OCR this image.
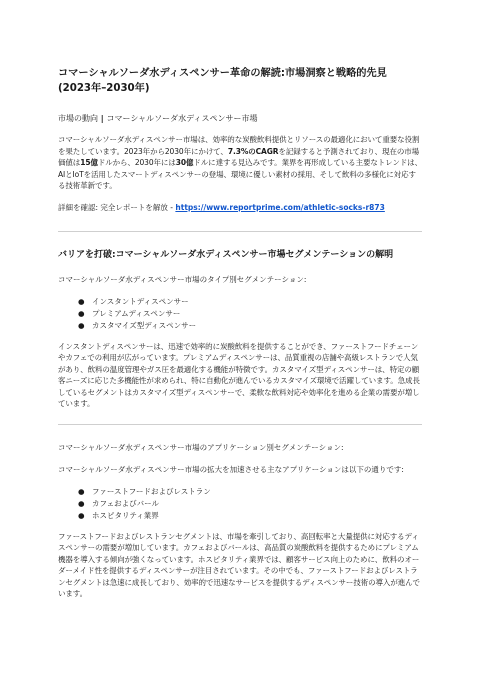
コマーシャルソーダ水ディスペンサー革命の解読:市場洞察と戦略的先見 (2023年–2030年)
市場の動向 | コマーシャルソーダ水ディスペンサー市場

コマーシャルソーダ水ディスペンサー市場は、効率的な炭酸飲料提供とリソースの最適化において重要な役割を果たしています。2023年から2030年にかけて、7.3%のCAGRを記録すると予測されており、現在の市場価値は15億ドルから、2030年には30億ドルに達する見込みです。業界を再形成している主要なトレンドは、AIとIoTを活用したスマートディスペンサーの登場、環境に優しい素材の採用、そして飲料の多様化に対応する技術革新です。

詳細を確認: 完全レポートを解放 - https://www.reportprime.com/athletic-socks-r873

バリアを打破:コマーシャルソーダ水ディスペンサー市場セグメンテーションの解明

コマーシャルソーダ水ディスペンサー市場のタイプ別セグメンテーション:

● インスタントディスペンサー
● プレミアムディスペンサー
● カスタマイズ型ディスペンサー

インスタントディスペンサーは、迅速で効率的に炭酸飲料を提供することができ、ファーストフードチェーンやカフェでの利用が広がっています。プレミアムディスペンサーは、品質重視の店舗や高級レストランで人気があり、飲料の温度管理やガス圧を最適化する機能が特徴です。カスタマイズ型ディスペンサーは、特定の顧客ニーズに応じた多機能性が求められ、特に自動化が進んでいるカスタマイズ環境で活躍しています。急成長しているセグメントはカスタマイズ型ディスペンサーで、柔軟な飲料対応や効率化を進める企業の需要が増しています。

コマーシャルソーダ水ディスペンサー市場のアプリケーション別セグメンテーション:

コマーシャルソーダ水ディスペンサー市場の拡大を加速させる主なアプリケーションは以下の通りです:

● ファーストフードおよびレストラン
● カフェおよびバール
● ホスピタリティ業界

ファーストフードおよびレストランセグメントは、市場を牽引しており、高回転率と大量提供に対応するディスペンサーの需要が増加しています。カフェおよびバールは、高品質の炭酸飲料を提供するためにプレミアム機器を導入する傾向が強くなっています。ホスピタリティ業界では、顧客サービス向上のために、飲料のオーダーメイド性を提供するディスペンサーが注目されています。その中でも、ファーストフードおよびレストランセグメントは急速に成長しており、効率的で迅速なサービスを提供するディスペンサー技術の導入が進んでいます。
